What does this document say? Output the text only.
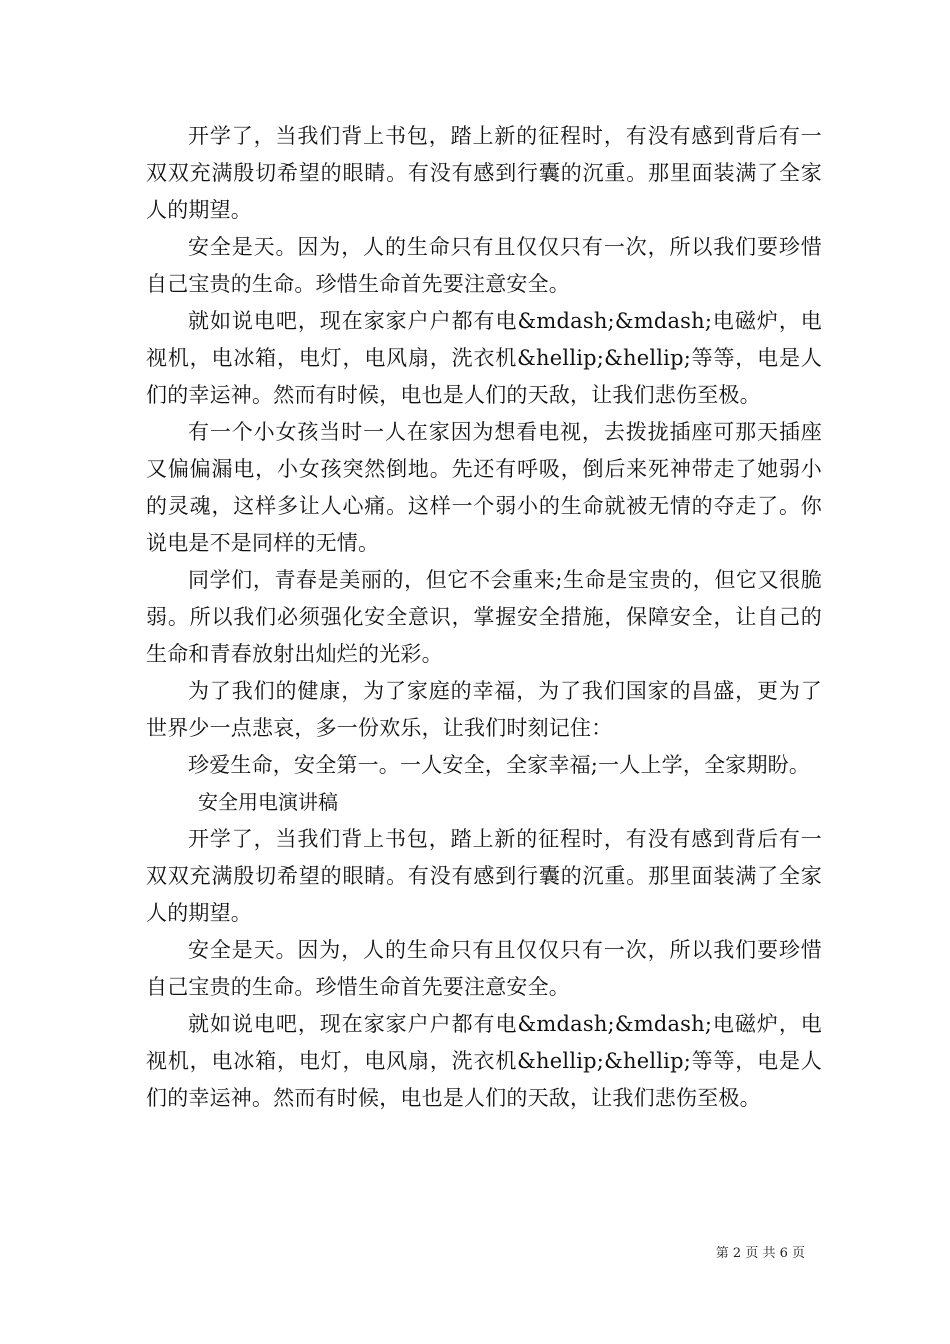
开学了，当我们背上书包，踏上新的征程时，有没有感到背后有一双双充满殷切希望的眼睛。有没有感到行囊的沉重。那里面装满了全家人的期望。

安全是天。因为，人的生命只有且仅仅只有一次，所以我们要珍惜自己宝贵的生命。珍惜生命首先要注意安全。

就如说电吧，现在家家户户都有电&mdash;&mdash;电磁炉，电视机，电冰箱，电灯，电风扇，洗衣机&hellip;&hellip;等等，电是人们的幸运神。然而有时候，电也是人们的天敌，让我们悲伤至极。

有一个小女孩当时一人在家因为想看电视，去拨拢插座可那天插座又偏偏漏电，小女孩突然倒地。先还有呼吸，倒后来死神带走了她弱小的灵魂，这样多让人心痛。这样一个弱小的生命就被无情的夺走了。你说电是不是同样的无情。

同学们，青春是美丽的，但它不会重来;生命是宝贵的，但它又很脆弱。所以我们必须强化安全意识，掌握安全措施，保障安全，让自己的生命和青春放射出灿烂的光彩。

为了我们的健康，为了家庭的幸福，为了我们国家的昌盛，更为了世界少一点悲哀，多一份欢乐，让我们时刻记住：

珍爱生命，安全第一。一人安全，全家幸福;一人上学，全家期盼。

安全用电演讲稿

开学了，当我们背上书包，踏上新的征程时，有没有感到背后有一双双充满殷切希望的眼睛。有没有感到行囊的沉重。那里面装满了全家人的期望。

安全是天。因为，人的生命只有且仅仅只有一次，所以我们要珍惜自己宝贵的生命。珍惜生命首先要注意安全。

就如说电吧，现在家家户户都有电&mdash;&mdash;电磁炉，电视机，电冰箱，电灯，电风扇，洗衣机&hellip;&hellip;等等，电是人们的幸运神。然而有时候，电也是人们的天敌，让我们悲伤至极。

第 2 页 共 6 页
